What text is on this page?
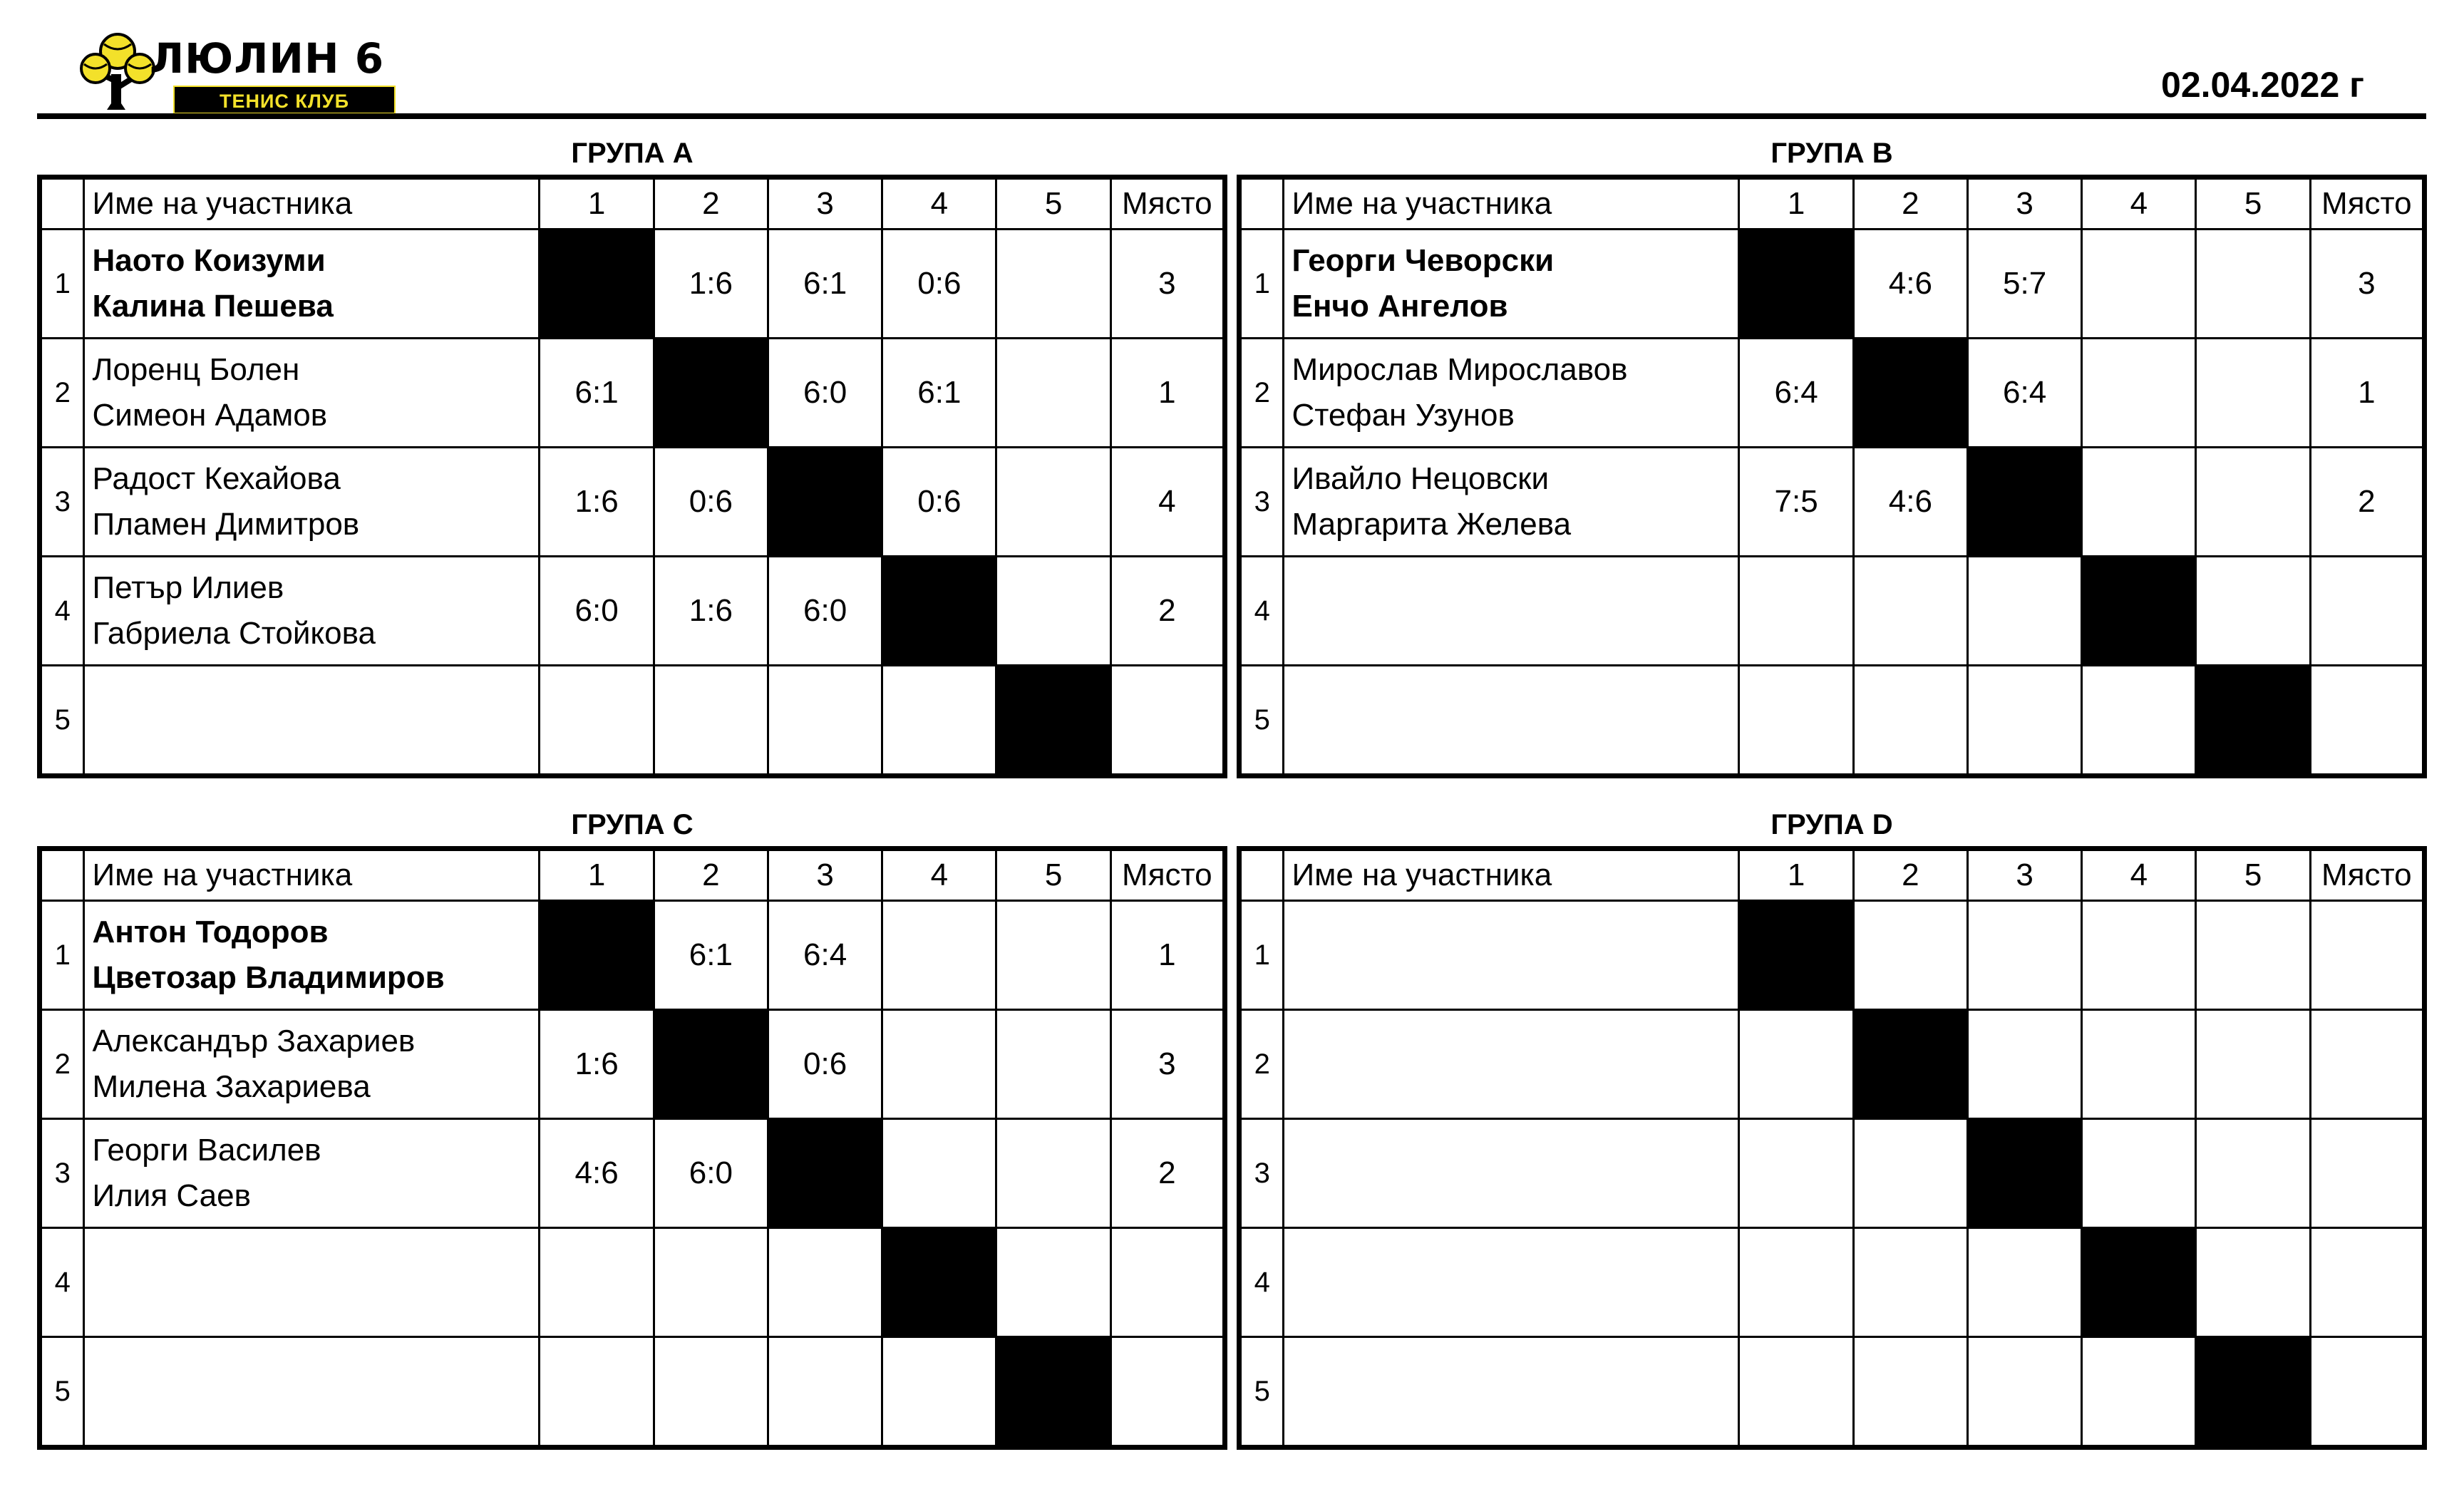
ЛЮЛИН 6
ТЕНИС КЛУБ	02.04.2022 г
ГРУПА А
	Име на участника	1	2	3	4	5	Място
1	Наото Коизуми
Калина Пешева		1:6	6:1	0:6		3
2	Лоренц Болен
Симеон Адамов	6:1		6:0	6:1		1
3	Радост Кехайова
Пламен Димитров	1:6	0:6		0:6		4
4	Петър Илиев
Габриела Стойкова	6:0	1:6	6:0			2
5	

ГРУПА B
	Име на участника	1	2	3	4	5	Място
1	Георги Чеворски
Енчо Ангелов		4:6	5:7			3
2	Мирослав Мирославов
Стефан Узунов	6:4		6:4			1
3	Ивайло Нецовски
Маргарита Желева	7:5	4:6				2
4	

5	

ГРУПА C
	Име на участника	1	2	3	4	5	Място
1	Антон Тодоров
Цветозар Владимиров		6:1	6:4			1
2	Александър Захариев
Милена Захариева	1:6		0:6			3
3	Георги Василев
Илия Саев	4:6	6:0				2
4	

5	

ГРУПА D
	Име на участника	1	2	3	4	5	Място
1	

2	

3	

4	

5	
